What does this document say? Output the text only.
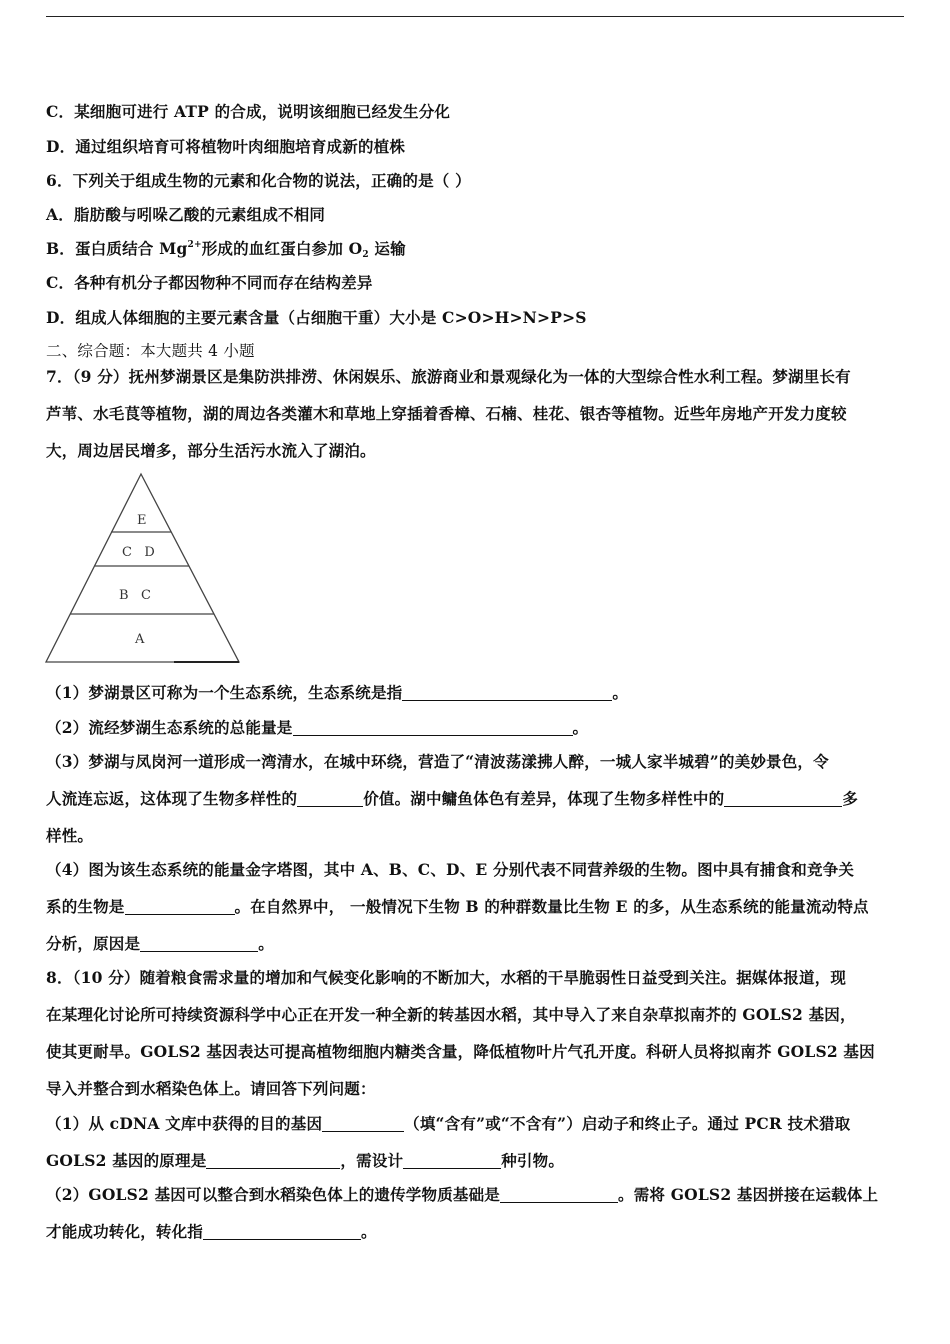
C．某细胞可进行 ATP 的合成，说明该细胞已经发生分化
D．通过组织培育可将植物叶肉细胞培育成新的植株
6．下列关于组成生物的元素和化合物的说法，正确的是（ ）
A．脂肪酸与吲哚乙酸的元素组成不相同
B．蛋白质结合 $Mg^{2+}$形成的血红蛋白参加 $O_2$ 运输
C．各种有机分子都因物种不同而存在结构差异
D．组成人体细胞的主要元素含量（占细胞干重）大小是 C>O>H>N>P>S
二、综合题：本大题共 4 小题
7．（9 分）抚州梦湖景区是集防洪排涝、休闲娱乐、旅游商业和景观绿化为一体的大型综合性水利工程。梦湖里长有
芦苇、水毛茛等植物，湖的周边各类灌木和草地上穿插着香樟、石楠、桂花、银杏等植物。近些年房地产开发力度较
大，周边居民增多，部分生活污水流入了湖泊。
E
C   D
B   C
A
（1）梦湖景区可称为一个生态系统，生态系统是指	。
（2）流经梦湖生态系统的总能量是	。
（3）梦湖与凤岗河一道形成一湾清水，在城中环绕，营造了“清波荡漾拂人醉，一城人家半城碧”的美妙景色，令
人流连忘返，这体现了生物多样性的	价值。湖中鳙鱼体色有差异，体现了生物多样性中的	多
样性。
（4）图为该生态系统的能量金字塔图，其中 A、B、C、D、E 分别代表不同营养级的生物。图中具有捕食和竞争关
系的生物是	。在自然界中， 一般情况下生物 B 的种群数量比生物 E 的多，从生态系统的能量流动特点
分析，原因是	。
8．（10 分）随着粮食需求量的增加和气候变化影响的不断加大，水稻的干旱脆弱性日益受到关注。据媒体报道，现
在某理化讨论所可持续资源科学中心正在开发一种全新的转基因水稻，其中导入了来自杂草拟南芥的 GOLS2 基因，
使其更耐旱。GOLS2 基因表达可提高植物细胞内糖类含量，降低植物叶片气孔开度。科研人员将拟南芥 GOLS2 基因
导入并整合到水稻染色体上。请回答下列问题：
（1）从 cDNA 文库中获得的目的基因	（填“含有”或“不含有”）启动子和终止子。通过 PCR 技术猎取
GOLS2 基因的原理是	，需设计	种引物。
（2）GOLS2 基因可以整合到水稻染色体上的遗传学物质基础是	。需将 GOLS2 基因拼接在运载体上
才能成功转化，转化指	。
